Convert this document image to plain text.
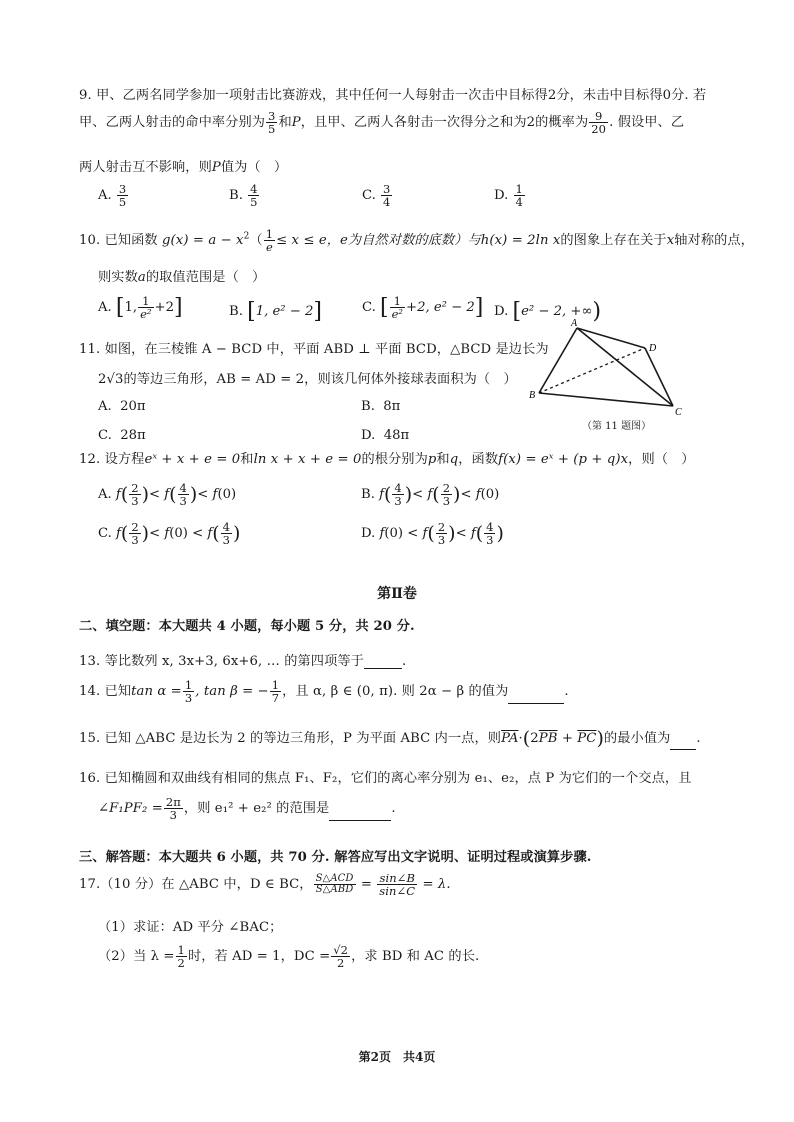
9. 甲、乙两名同学参加一项射击比赛游戏，其中任何一人每射击一次击中目标得2分，未击中目标得0分. 若
甲、乙两人射击的命中率分别为 $\frac{3}{5}$ 和P，且甲、乙两人各射击一次得分之和为2的概率为 $\frac{9}{20}$ . 假设甲、乙
两人射击互不影响，则P值为（　）
A. $\frac{3}{5}$	B. $\frac{4}{5}$	C. $\frac{3}{4}$	D. $\frac{1}{4}$
10. 已知函数 $g(x) = a - x^2( \frac{1}{e} \le x \le e$，e为自然对数的底数）与h(x) = 2ln x的图象上存在关于x轴对称的点，
则实数a的取值范围是（　）
A. [1, $\frac{1}{\text{e²}} +2$]	B. [1, e² − 2]	C. [ $\frac{1}{\text{e²}} +2$, e² − 2] D. [e² − 2, +∞)
11. 如图，在三棱锥 A − BCD 中，平面 ABD ⊥ 平面 BCD，△BCD 是边长为
2√3的等边三角形，AB = AD = 2，则该几何体外接球表面积为（　）
A. 20π	B. 8π
C. 28π	D. 48π
A
B
C
D
（第 11 题图）
12. 设方程eˣ + x + e = 0和ln x + x + e = 0的根分别为p和q，函数f(x) = eˣ + (p + q)x，则（　）
A. $f( \frac{2}{3}$ )< $f( \frac{4}{3}$ )< f(0)	B. $f( \frac{4}{3}$ )< $f( \frac{2}{3}$ )< f(0)
C. $f( \frac{2}{3}$ )< $f(0) < f( \frac{4}{3}$ )	D. $f(0) < f( \frac{2}{3}$ )< $f( \frac{4}{3}$ )
第Ⅱ卷
二、填空题：本大题共 4 小题，每小题 5 分，共 20 分.
13. 等比数列 x, 3x+3, 6x+6, … 的第四项等于	.
14. 已知$\tan \alpha = \frac{1}{3}$ , tan β = − $\frac{1}{7}$ ，且 α, β ∈ (0, π). 则 2α − β 的值为	.
15. 已知 △ABC 是边长为 2 的等边三角形，P 为平面 ABC 内一点，则$\overline{PA}\cdot(2\overline{PB} + \overline{PC})$的最小值为 .
16. 已知椭圆和双曲线有相同的焦点 F₁、F₂，它们的离心率分别为 e₁、e₂，点 P 为它们的一个交点，且
∠F₁PF₂ = $\frac{2\pi}{3}$ ，则 e₁² + e₂² 的范围是	.
三、解答题：本大题共 6 小题，共 70 分. 解答应写出文字说明、证明过程或演算步骤.
17.（10 分）在 △ABC 中，D ∈ BC， $\frac{\text{S△ACD}}{\text{S△ABD}} = \frac{\sin\angle B}{\sin\angle C} = \lambda$.
（1）求证：AD 平分 ∠BAC；
（2）当 $\lambda = \frac{1}{2}$ 时，若 AD = 1，DC = $\frac{√2}{2}$ ，求 BD 和 AC 的长.
第2页　共4页
